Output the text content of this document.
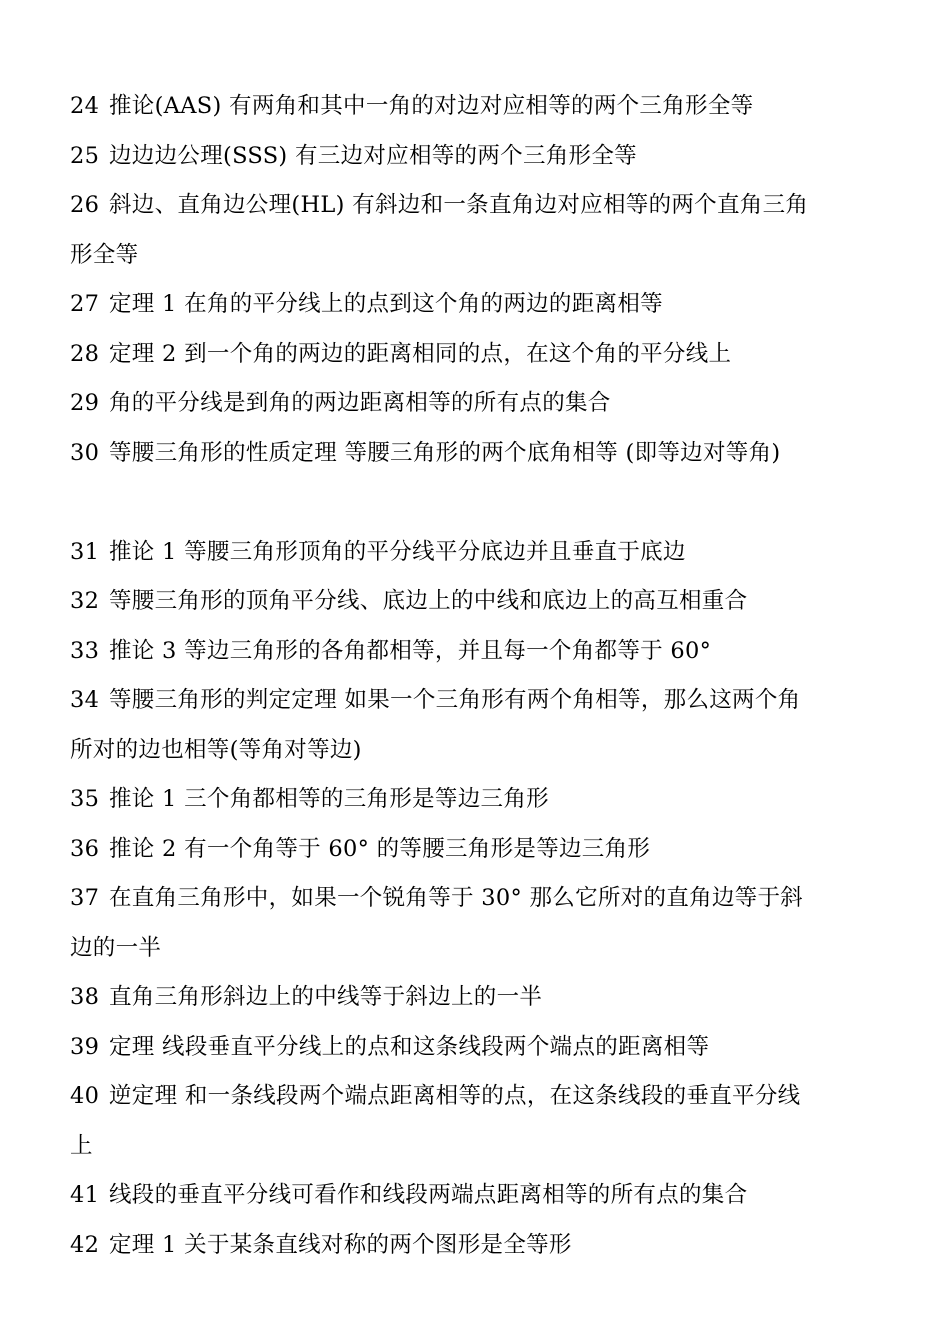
24 推论(AAS) 有两角和其中一角的对边对应相等的两个三角形全等
25 边边边公理(SSS) 有三边对应相等的两个三角形全等
26 斜边、直角边公理(HL) 有斜边和一条直角边对应相等的两个直角三角
形全等
27 定理 1 在角的平分线上的点到这个角的两边的距离相等
28 定理 2 到一个角的两边的距离相同的点，在这个角的平分线上
29 角的平分线是到角的两边距离相等的所有点的集合
30 等腰三角形的性质定理 等腰三角形的两个底角相等 (即等边对等角)
31 推论 1 等腰三角形顶角的平分线平分底边并且垂直于底边
32 等腰三角形的顶角平分线、底边上的中线和底边上的高互相重合
33 推论 3 等边三角形的各角都相等，并且每一个角都等于 60°
34 等腰三角形的判定定理 如果一个三角形有两个角相等，那么这两个角
所对的边也相等(等角对等边)
35 推论 1 三个角都相等的三角形是等边三角形
36 推论 2 有一个角等于 60° 的等腰三角形是等边三角形
37 在直角三角形中，如果一个锐角等于 30° 那么它所对的直角边等于斜
边的一半
38 直角三角形斜边上的中线等于斜边上的一半
39 定理 线段垂直平分线上的点和这条线段两个端点的距离相等
40 逆定理 和一条线段两个端点距离相等的点，在这条线段的垂直平分线
上
41 线段的垂直平分线可看作和线段两端点距离相等的所有点的集合
42 定理 1 关于某条直线对称的两个图形是全等形
